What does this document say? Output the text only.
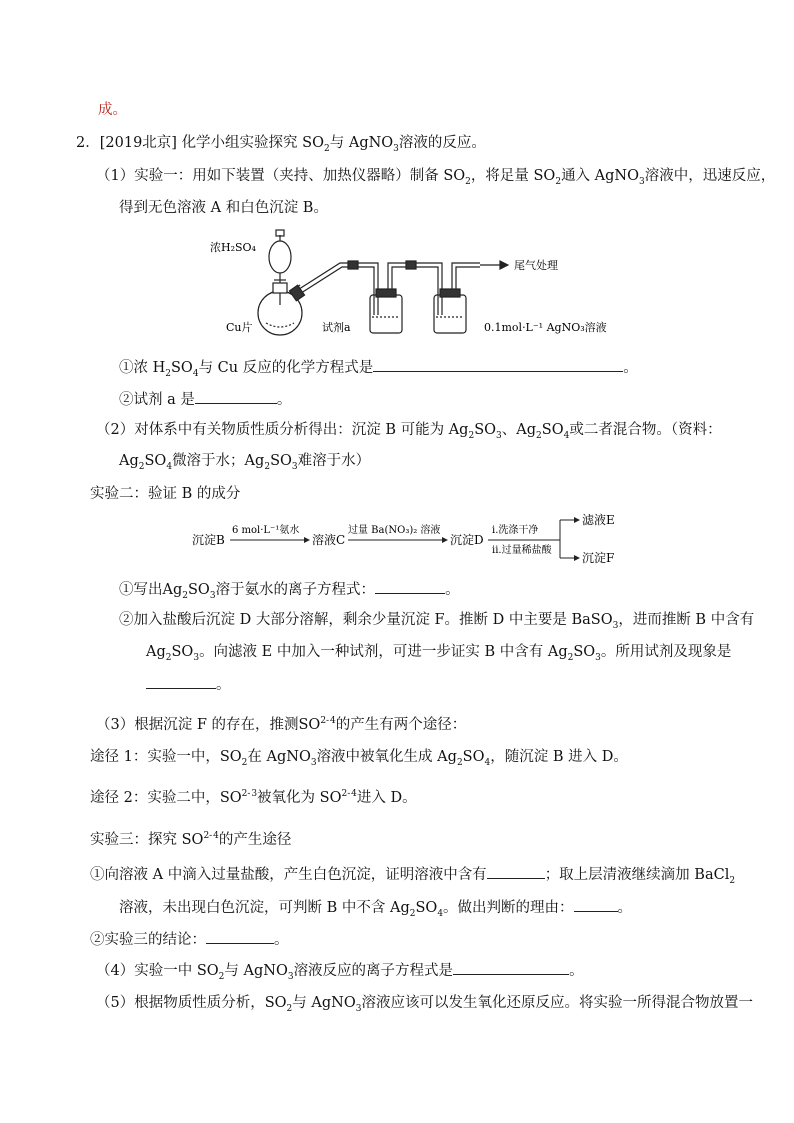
成。
2．[2019北京] 化学小组实验探究 $SO_2$与 AgNO$_3$溶液的反应。
（1）实验一：用如下装置（夹持、加热仪器略）制备 $SO_2$，将足量 $SO_2$通入 AgNO$_3$溶液中，迅速反应，
得到无色溶液 A 和白色沉淀 B。
浓H₂SO₄
Cu片	试剂a
尾气处理
0.1mol·L⁻¹ AgNO₃溶液
①浓 $H_2SO_4$与 Cu 反应的化学方程式是	。
②试剂 a 是	。
（2）对体系中有关物质性质分析得出：沉淀 B 可能为 $Ag_2SO_3$、$Ag_2SO_4$或二者混合物。（资料：
$Ag_2SO_4$微溶于水；$Ag_2SO_3$难溶于水）
实验二：验证 B 的成分
沉淀B
6 mol·L⁻¹氨水
溶液C
过量 Ba(NO₃)₂ 溶液
沉淀D
i.洗涤干净
ii.过量稀盐酸
滤液E
沉淀F
①写出$Ag_2SO_3$溶于氨水的离子方程式：	。
②加入盐酸后沉淀 D 大部分溶解，剩余少量沉淀 F。推断 D 中主要是 BaSO$_3$，进而推断 B 中含有
$Ag_2SO_3$。向滤液 E 中加入一种试剂，可进一步证实 B 中含有 $Ag_2SO_3$。所用试剂及现象是
。
（3）根据沉淀 F 的存在，推测SO$^{2- 4}$的产生有两个途径：
途径 1：实验一中，$SO_2$在 AgNO$_3$溶液中被氧化生成 $Ag_2SO_4$，随沉淀 B 进入 D。
途径 2：实验二中，SO$^{2- 3}$被氧化为 SO$^{2- 4}$进入 D。
实验三：探究 SO$^{2- 4}$的产生途径
①向溶液 A 中滴入过量盐酸，产生白色沉淀，证明溶液中含有	；取上层清液继续滴加 BaCl$_2$
溶液，未出现白色沉淀，可判断 B 中不含 $Ag_2SO_4$。做出判断的理由：	。
②实验三的结论：	。
（4）实验一中 $SO_2$与 AgNO$_3$溶液反应的离子方程式是	。
（5）根据物质性质分析，$SO_2$与 AgNO$_3$溶液应该可以发生氧化还原反应。将实验一所得混合物放置一
